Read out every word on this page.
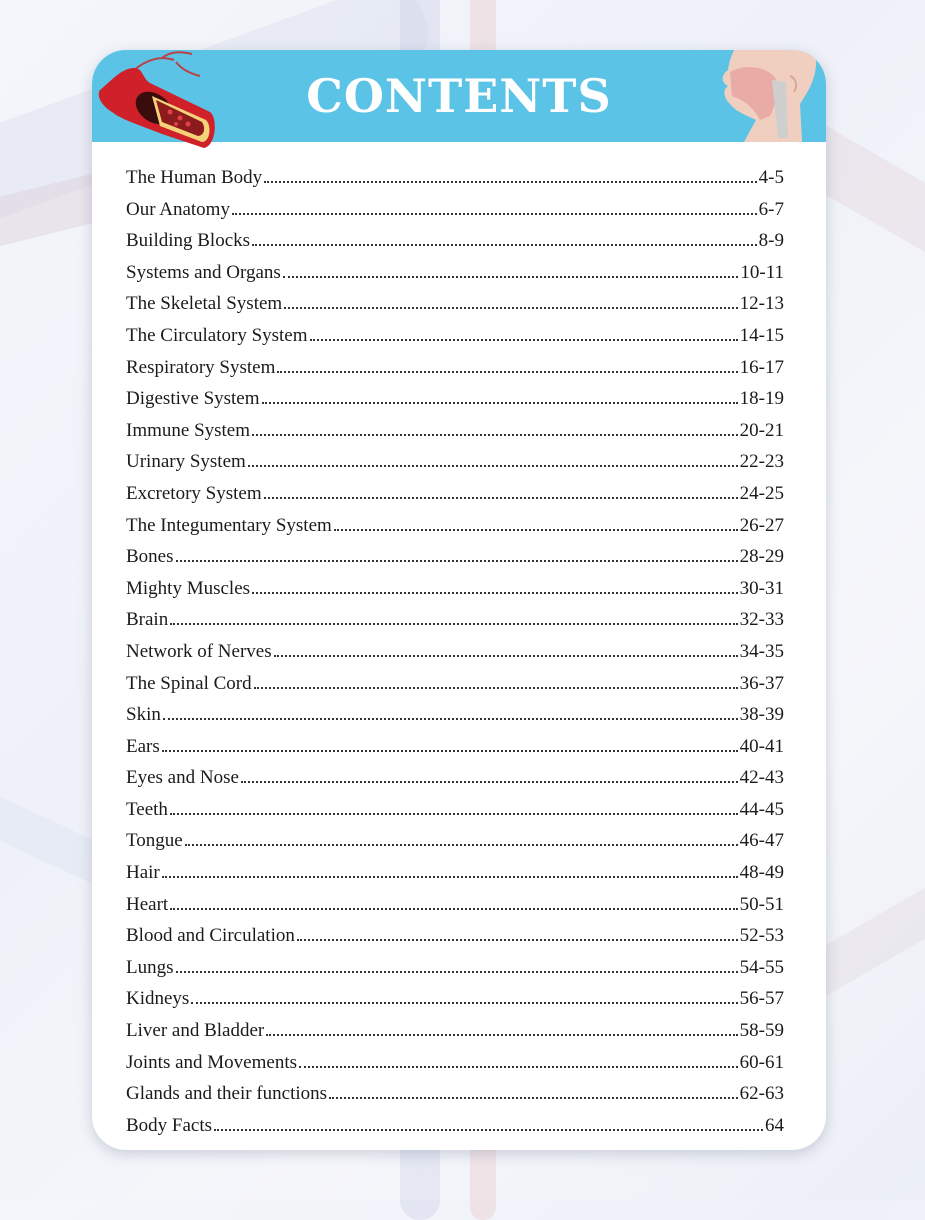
CONTENTS
The Human Body	4-5
Our Anatomy	6-7
Building Blocks	8-9
Systems and Organs	10-11
The Skeletal System	12-13
The Circulatory System	14-15
Respiratory System	16-17
Digestive System	18-19
Immune System	20-21
Urinary System	22-23
Excretory System	24-25
The Integumentary System	26-27
Bones	28-29
Mighty Muscles	30-31
Brain	32-33
Network of Nerves	34-35
The Spinal Cord	36-37
Skin	38-39
Ears	40-41
Eyes and Nose	42-43
Teeth	44-45
Tongue	46-47
Hair	48-49
Heart	50-51
Blood and Circulation	52-53
Lungs	54-55
Kidneys	56-57
Liver and Bladder	58-59
Joints and Movements	60-61
Glands and their functions	62-63
Body Facts	64
